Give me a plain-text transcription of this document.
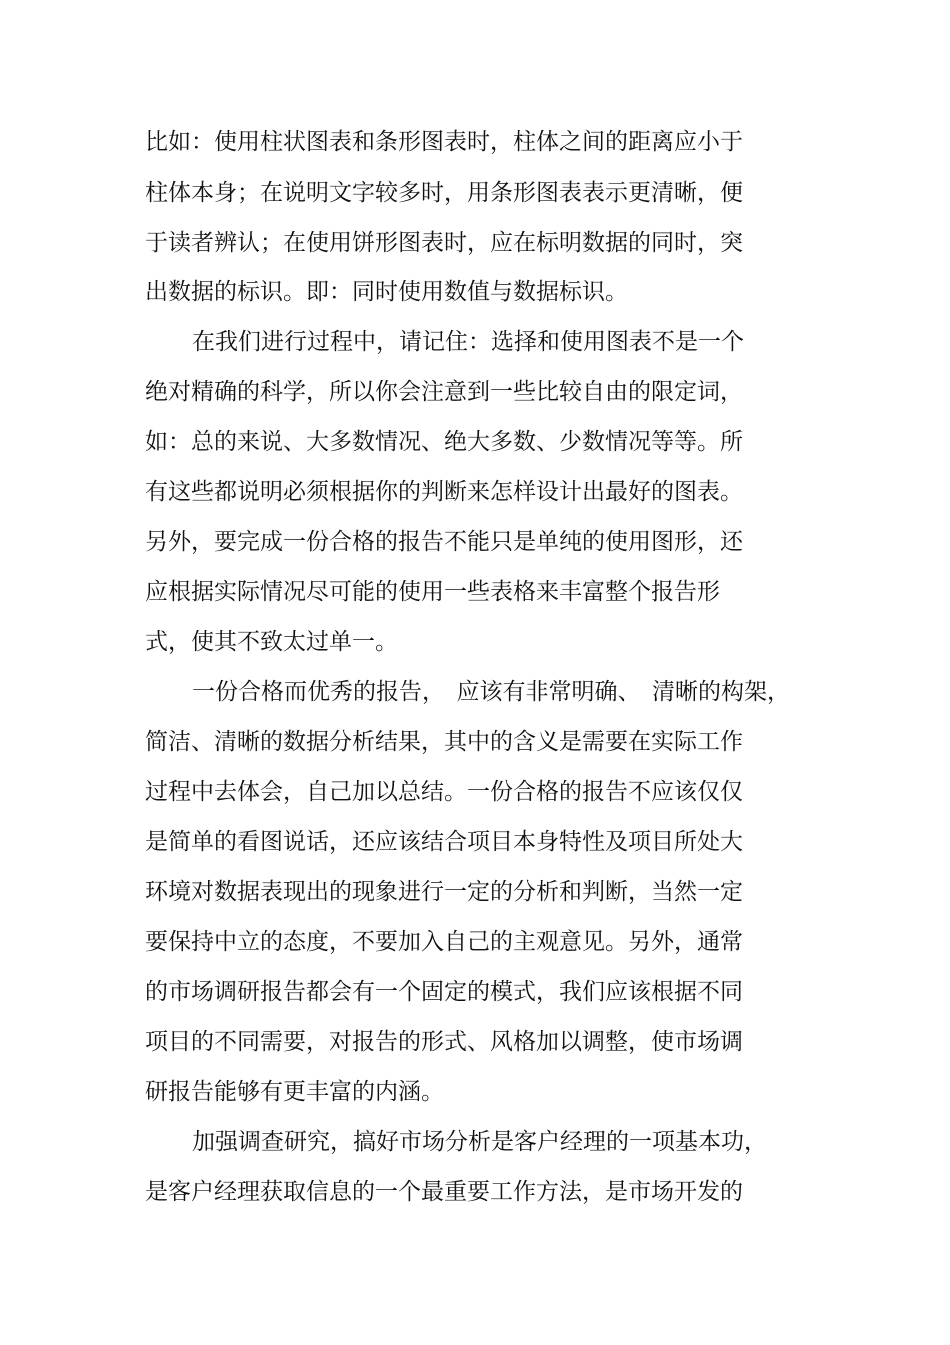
比如：使用柱状图表和条形图表时，柱体之间的距离应小于

柱体本身；在说明文字较多时，用条形图表表示更清晰，便

于读者辨认；在使用饼形图表时，应在标明数据的同时，突

出数据的标识。即：同时使用数值与数据标识。

在我们进行过程中，请记住：选择和使用图表不是一个

绝对精确的科学，所以你会注意到一些比较自由的限定词，

如：总的来说、大多数情况、绝大多数、少数情况等等。所

有这些都说明必须根据你的判断来怎样设计出最好的图表。

另外，要完成一份合格的报告不能只是单纯的使用图形，还

应根据实际情况尽可能的使用一些表格来丰富整个报告形

式，使其不致太过单一。

一份合格而优秀的报告，　应该有非常明确、　清晰的构架，

简洁、清晰的数据分析结果，其中的含义是需要在实际工作

过程中去体会，自己加以总结。一份合格的报告不应该仅仅

是简单的看图说话，还应该结合项目本身特性及项目所处大

环境对数据表现出的现象进行一定的分析和判断，当然一定

要保持中立的态度，不要加入自己的主观意见。另外，通常

的市场调研报告都会有一个固定的模式，我们应该根据不同

项目的不同需要，对报告的形式、风格加以调整，使市场调

研报告能够有更丰富的内涵。

加强调查研究，搞好市场分析是客户经理的一项基本功，

是客户经理获取信息的一个最重要工作方法，是市场开发的
